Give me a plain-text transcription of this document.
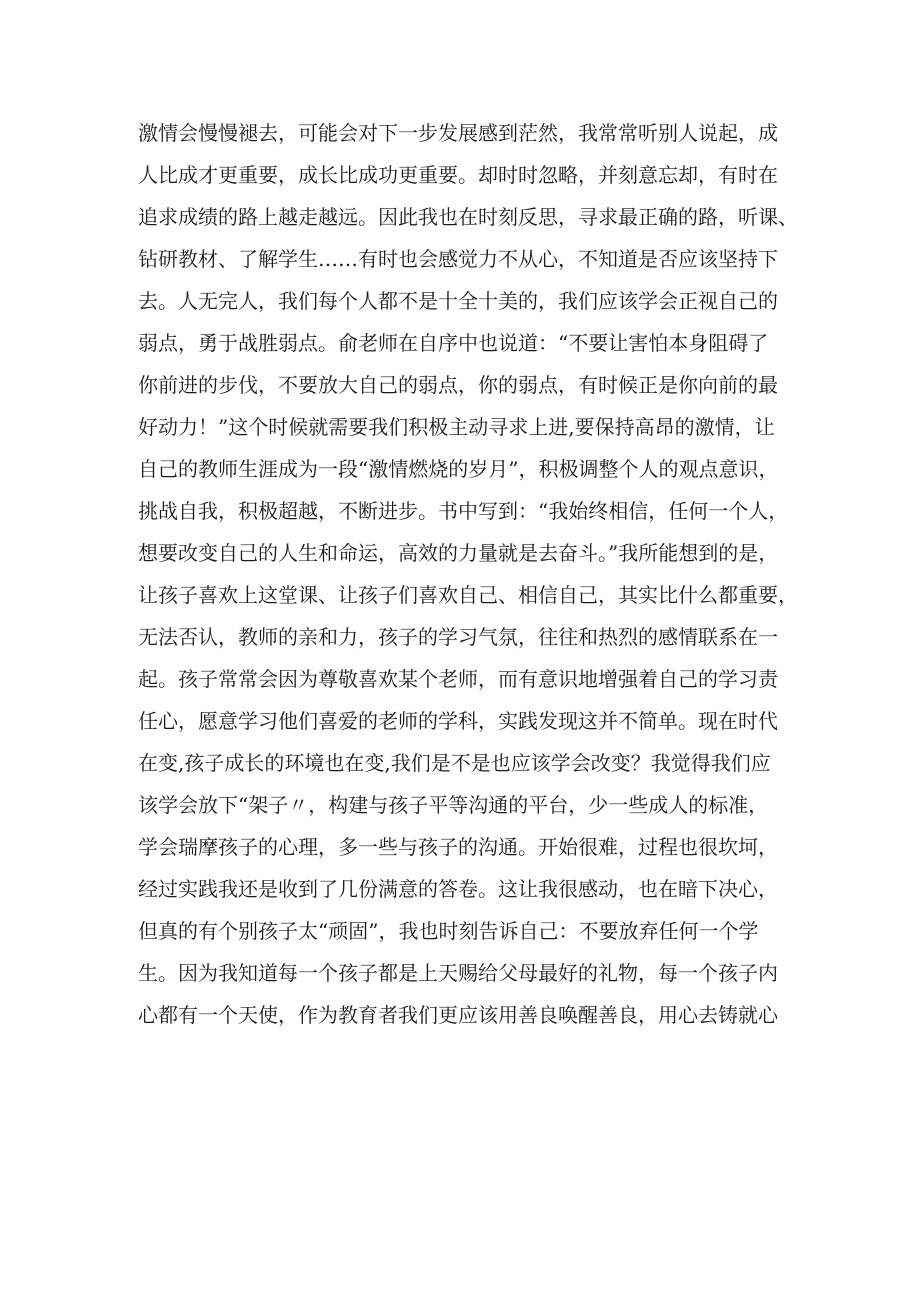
激情会慢慢褪去，可能会对下一步发展感到茫然，我常常听别人说起，成
人比成才更重要，成长比成功更重要。却时时忽略，并刻意忘却，有时在
追求成绩的路上越走越远。因此我也在时刻反思，寻求最正确的路，听课、
钻研教材、了解学生……有时也会感觉力不从心，不知道是否应该坚持下
去。人无完人，我们每个人都不是十全十美的，我们应该学会正视自己的
弱点，勇于战胜弱点。俞老师在自序中也说道：“不要让害怕本身阻碍了
你前进的步伐，不要放大自己的弱点，你的弱点，有时候正是你向前的最
好动力！”这个时候就需要我们积极主动寻求上进,要保持高昂的激情，让
自己的教师生涯成为一段“激情燃烧的岁月”，积极调整个人的观点意识，
挑战自我，积极超越，不断进步。书中写到：“我始终相信，任何一个人，
想要改变自己的人生和命运，高效的力量就是去奋斗。”我所能想到的是，
让孩子喜欢上这堂课、让孩子们喜欢自己、相信自己，其实比什么都重要，
无法否认，教师的亲和力，孩子的学习气氛，往往和热烈的感情联系在一
起。孩子常常会因为尊敬喜欢某个老师，而有意识地增强着自己的学习责
任心，愿意学习他们喜爱的老师的学科，实践发现这并不简单。现在时代
在变,孩子成长的环境也在变,我们是不是也应该学会改变？我觉得我们应
该学会放下“架子〃，构建与孩子平等沟通的平台，少一些成人的标准，
学会瑞摩孩子的心理，多一些与孩子的沟通。开始很难，过程也很坎坷，
经过实践我还是收到了几份满意的答卷。这让我很感动，也在暗下决心，
但真的有个别孩子太“顽固”，我也时刻告诉自己：不要放弃任何一个学
生。因为我知道每一个孩子都是上天赐给父母最好的礼物，每一个孩子内
心都有一个天使，作为教育者我们更应该用善良唤醒善良，用心去铸就心
